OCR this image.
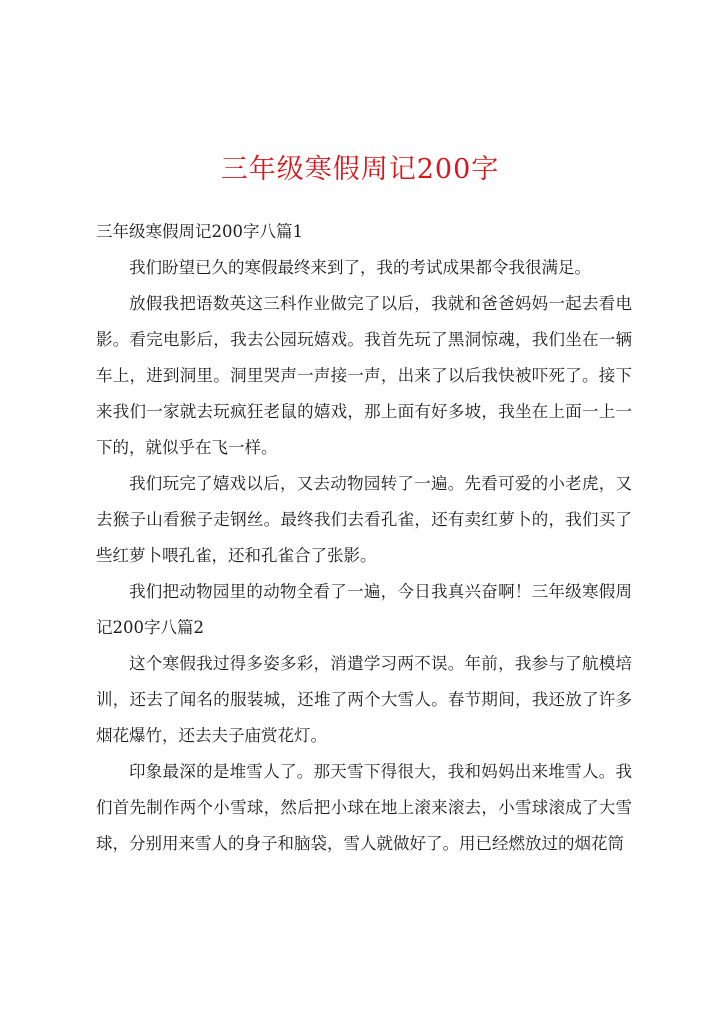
三年级寒假周记200字

三年级寒假周记200字八篇1

我们盼望已久的寒假最终来到了，我的考试成果都令我很满足。

放假我把语数英这三科作业做完了以后，我就和爸爸妈妈一起去看电影。看完电影后，我去公园玩嬉戏。我首先玩了黑洞惊魂，我们坐在一辆车上，进到洞里。洞里哭声一声接一声，出来了以后我快被吓死了。接下来我们一家就去玩疯狂老鼠的嬉戏，那上面有好多坡，我坐在上面一上一下的，就似乎在飞一样。

我们玩完了嬉戏以后，又去动物园转了一遍。先看可爱的小老虎，又去猴子山看猴子走钢丝。最终我们去看孔雀，还有卖红萝卜的，我们买了些红萝卜喂孔雀，还和孔雀合了张影。

我们把动物园里的动物全看了一遍，今日我真兴奋啊！三年级寒假周记200字八篇2

这个寒假我过得多姿多彩，消遣学习两不误。年前，我参与了航模培训，还去了闻名的服装城，还堆了两个大雪人。春节期间，我还放了许多烟花爆竹，还去夫子庙赏花灯。

印象最深的是堆雪人了。那天雪下得很大，我和妈妈出来堆雪人。我们首先制作两个小雪球，然后把小球在地上滚来滚去，小雪球滚成了大雪球，分别用来雪人的身子和脑袋，雪人就做好了。用已经燃放过的烟花筒
